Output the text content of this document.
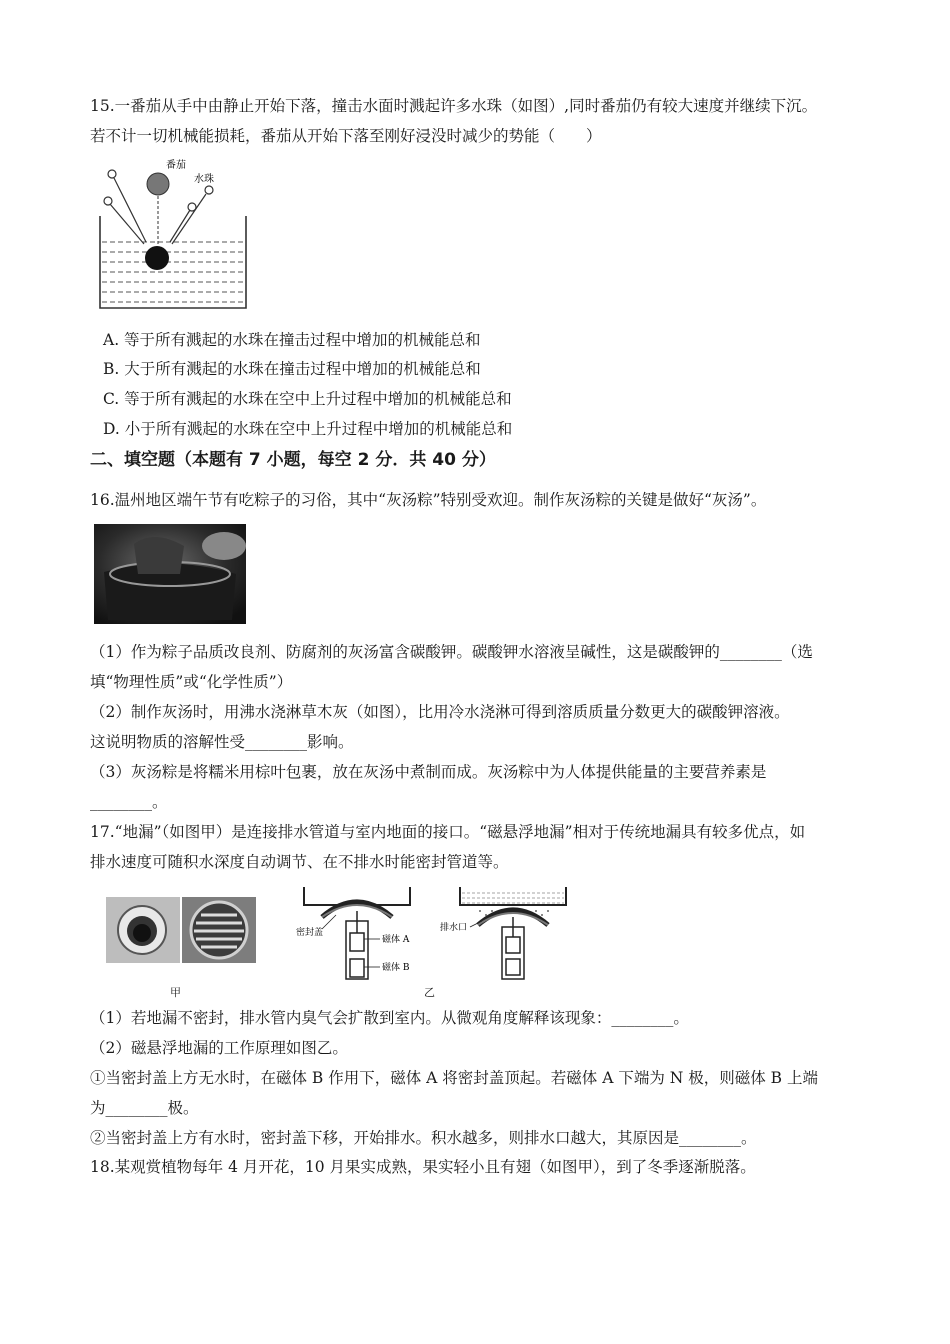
15.一番茄从手中由静止开始下落，撞击水面时溅起许多水珠（如图）,同时番茄仍有较大速度并继续下沉。
若不计一切机械能损耗，番茄从开始下落至刚好浸没时减少的势能（　　）
番茄
水珠
A. 等于所有溅起的水珠在撞击过程中增加的机械能总和
B. 大于所有溅起的水珠在撞击过程中增加的机械能总和
C. 等于所有溅起的水珠在空中上升过程中增加的机械能总和
D. 小于所有溅起的水珠在空中上升过程中增加的机械能总和
二、填空题（本题有 7 小题，每空 2 分．共 40 分）
16.温州地区端午节有吃粽子的习俗，其中“灰汤粽”特别受欢迎。制作灰汤粽的关键是做好“灰汤”。
（1）作为粽子品质改良剂、防腐剂的灰汤富含碳酸钾。碳酸钾水溶液呈碱性，这是碳酸钾的________（选
填“物理性质”或“化学性质”）
（2）制作灰汤时，用沸水浇淋草木灰（如图），比用冷水浇淋可得到溶质质量分数更大的碳酸钾溶液。
这说明物质的溶解性受________影响。
（3）灰汤粽是将糯米用棕叶包裹，放在灰汤中煮制而成。灰汤粽中为人体提供能量的主要营养素是
________。
17.“地漏”（如图甲）是连接排水管道与室内地面的接口。“磁悬浮地漏”相对于传统地漏具有较多优点，如
排水速度可随积水深度自动调节、在不排水时能密封管道等。
甲
密封盖
磁体 A
磁体 B
排水口
乙
（1）若地漏不密封，排水管内臭气会扩散到室内。从微观角度解释该现象：________。
（2）磁悬浮地漏的工作原理如图乙。
①当密封盖上方无水时，在磁体 B 作用下，磁体 A 将密封盖顶起。若磁体 A 下端为 N 极，则磁体 B 上端
为________极。
②当密封盖上方有水时，密封盖下移，开始排水。积水越多，则排水口越大，其原因是________。
18.某观赏植物每年 4 月开花，10 月果实成熟，果实轻小且有翅（如图甲），到了冬季逐渐脱落。
